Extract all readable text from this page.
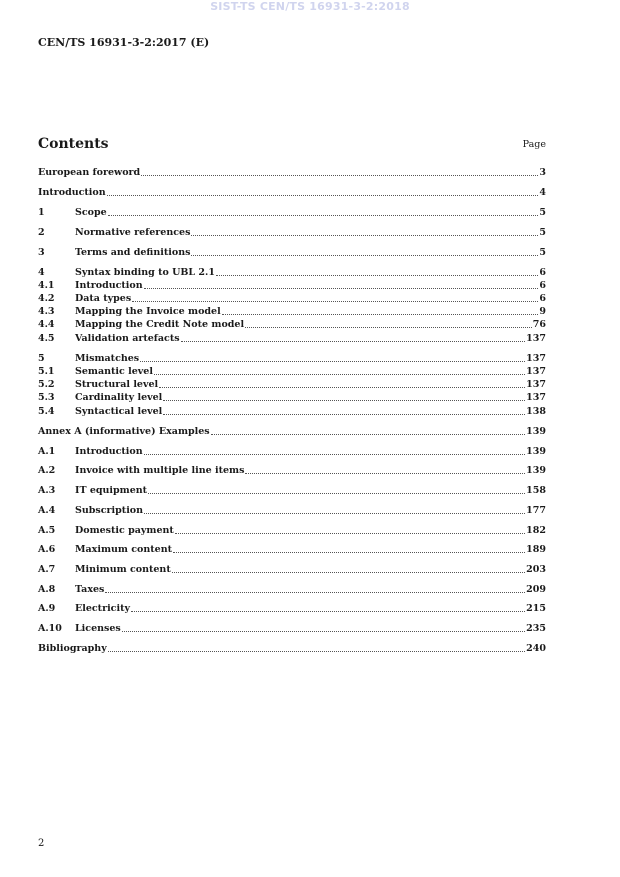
SIST-TS CEN/TS 16931-3-2:2018
CEN/TS 16931-3-2:2017 (E)
Contents	Page
European foreword	3
Introduction	4
1	Scope	5
2	Normative references	5
3	Terms and definitions	5
4	Syntax binding to UBL 2.1	6
4.1	Introduction	6
4.2	Data types	6
4.3	Mapping the Invoice model	9
4.4	Mapping the Credit Note model	76
4.5	Validation artefacts	137
5	Mismatches	137
5.1	Semantic level	137
5.2	Structural level	137
5.3	Cardinality level	137
5.4	Syntactical level	138
Annex A (informative) Examples	139
A.1	Introduction	139
A.2	Invoice with multiple line items	139
A.3	IT equipment	158
A.4	Subscription	177
A.5	Domestic payment	182
A.6	Maximum content	189
A.7	Minimum content	203
A.8	Taxes	209
A.9	Electricity	215
A.10	Licenses	235
Bibliography	240
2
